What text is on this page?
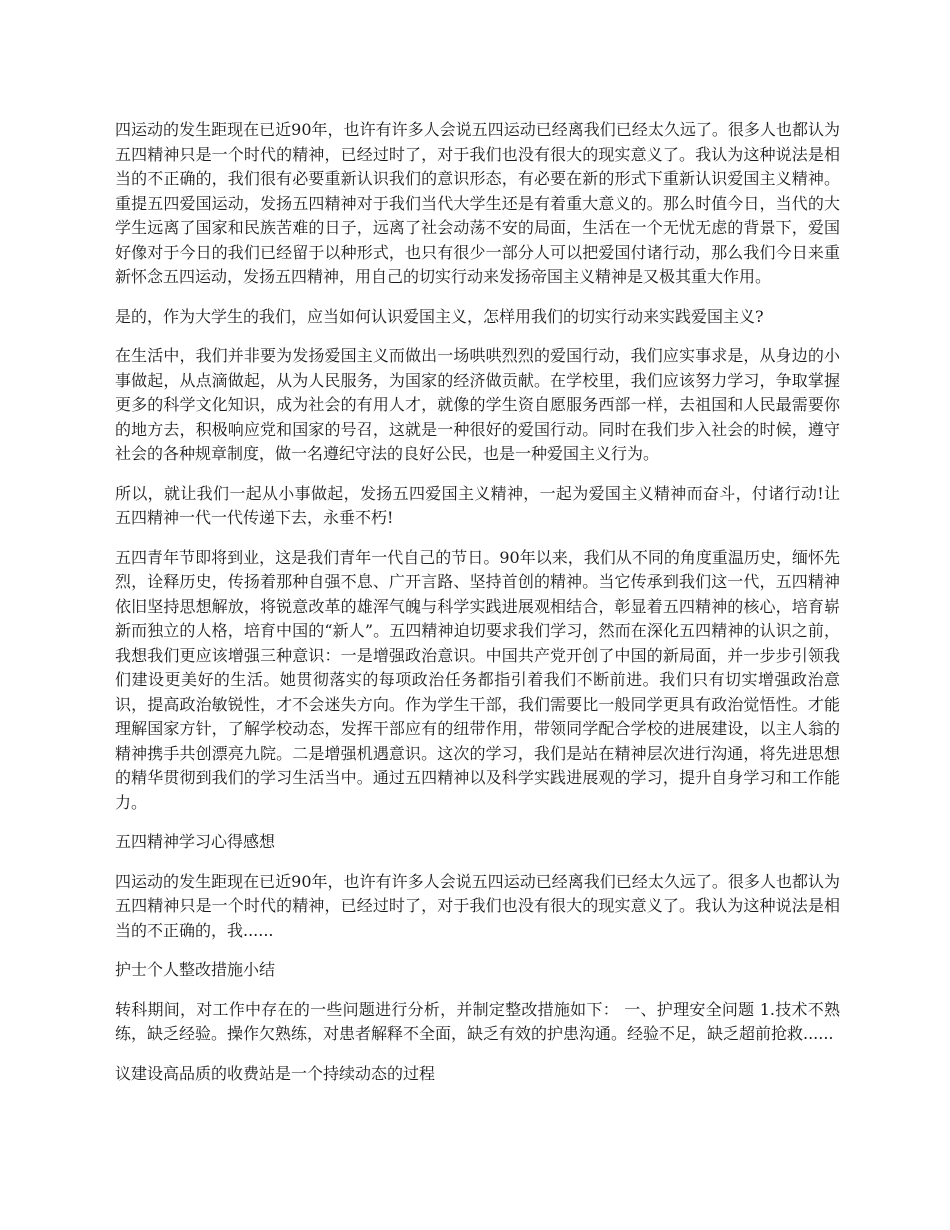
四运动的发生距现在已近90年，也许有许多人会说五四运动已经离我们已经太久远了。很多人也都认为五四精神只是一个时代的精神，已经过时了，对于我们也没有很大的现实意义了。我认为这种说法是相当的不正确的，我们很有必要重新认识我们的意识形态，有必要在新的形式下重新认识爱国主义精神。重提五四爱国运动，发扬五四精神对于我们当代大学生还是有着重大意义的。那么时值今日，当代的大学生远离了国家和民族苦难的日子，远离了社会动荡不安的局面，生活在一个无忧无虑的背景下，爱国好像对于今日的我们已经留于以种形式，也只有很少一部分人可以把爱国付诸行动，那么我们今日来重新怀念五四运动，发扬五四精神，用自己的切实行动来发扬帝国主义精神是又极其重大作用。

是的，作为大学生的我们，应当如何认识爱国主义，怎样用我们的切实行动来实践爱国主义?

在生活中，我们并非要为发扬爱国主义而做出一场哄哄烈烈的爱国行动，我们应实事求是，从身边的小事做起，从点滴做起，从为人民服务，为国家的经济做贡献。在学校里，我们应该努力学习，争取掌握更多的科学文化知识，成为社会的有用人才，就像的学生资自愿服务西部一样，去祖国和人民最需要你的地方去，积极响应党和国家的号召，这就是一种很好的爱国行动。同时在我们步入社会的时候，遵守社会的各种规章制度，做一名遵纪守法的良好公民，也是一种爱国主义行为。

所以，就让我们一起从小事做起，发扬五四爱国主义精神，一起为爱国主义精神而奋斗，付诸行动!让五四精神一代一代传递下去，永垂不朽!

五四青年节即将到业，这是我们青年一代自己的节日。90年以来，我们从不同的角度重温历史，缅怀先烈，诠释历史，传扬着那种自强不息、广开言路、坚持首创的精神。当它传承到我们这一代，五四精神依旧坚持思想解放，将锐意改革的雄浑气魄与科学实践进展观相结合，彰显着五四精神的核心，培育崭新而独立的人格，培育中国的“新人”。五四精神迫切要求我们学习，然而在深化五四精神的认识之前，我想我们更应该增强三种意识：一是增强政治意识。中国共产党开创了中国的新局面，并一步步引领我们建设更美好的生活。她贯彻落实的每项政治任务都指引着我们不断前进。我们只有切实增强政治意识，提高政治敏锐性，才不会迷失方向。作为学生干部，我们需要比一般同学更具有政治觉悟性。才能理解国家方针，了解学校动态，发挥干部应有的纽带作用，带领同学配合学校的进展建设，以主人翁的精神携手共创漂亮九院。二是增强机遇意识。这次的学习，我们是站在精神层次进行沟通，将先进思想的精华贯彻到我们的学习生活当中。通过五四精神以及科学实践进展观的学习，提升自身学习和工作能力。

五四精神学习心得感想

四运动的发生距现在已近90年，也许有许多人会说五四运动已经离我们已经太久远了。很多人也都认为五四精神只是一个时代的精神，已经过时了，对于我们也没有很大的现实意义了。我认为这种说法是相当的不正确的，我......

护士个人整改措施小结

转科期间，对工作中存在的一些问题进行分析，并制定整改措施如下： 一、护理安全问题 1.技术不熟练，缺乏经验。操作欠熟练，对患者解释不全面，缺乏有效的护患沟通。经验不足，缺乏超前抢救......

议建设高品质的收费站是一个持续动态的过程
